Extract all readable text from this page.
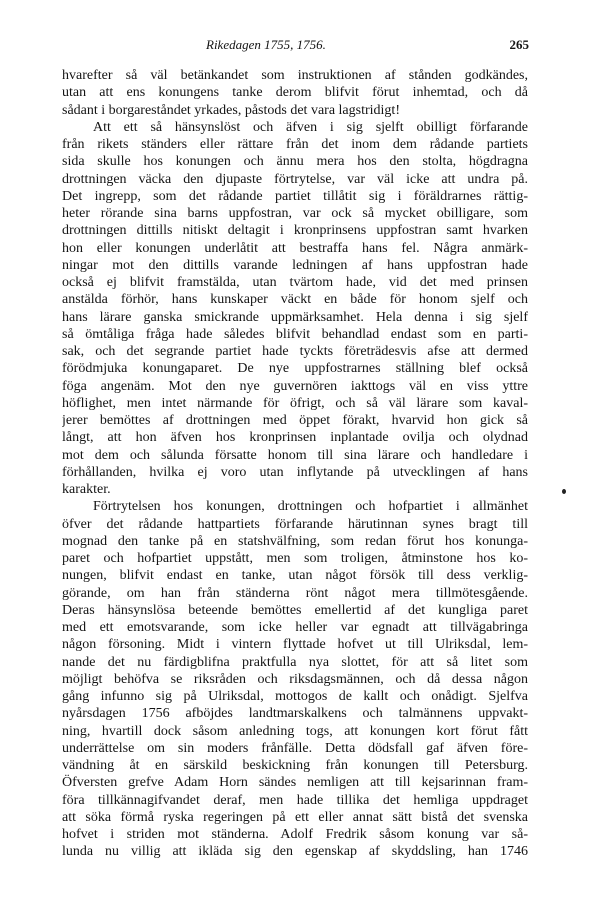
Rikedagen 1755, 1756.	265
hvarefter så väl betänkandet som instruktionen af stånden godkändes,
utan att ens konungens tanke derom blifvit förut inhemtad, och då
sådant i borgareståndet yrkades, påstods det vara lagstridigt!
Att ett så hänsynslöst och äfven i sig sjelft obilligt förfarande
från rikets ständers eller rättare från det inom dem rådande partiets
sida skulle hos konungen och ännu mera hos den stolta, högdragna
drottningen väcka den djupaste förtrytelse, var väl icke att undra på.
Det ingrepp, som det rådande partiet tillåtit sig i föräldrarnes rättig-
heter rörande sina barns uppfostran, var ock så mycket obilligare, som
drottningen dittills nitiskt deltagit i kronprinsens uppfostran samt hvarken
hon eller konungen underlåtit att bestraffa hans fel. Några anmärk-
ningar mot den dittills varande ledningen af hans uppfostran hade
också ej blifvit framstälda, utan tvärtom hade, vid det med prinsen
anstälda förhör, hans kunskaper väckt en både för honom sjelf och
hans lärare ganska smickrande uppmärksamhet. Hela denna i sig sjelf
så ömtåliga fråga hade således blifvit behandlad endast som en parti-
sak, och det segrande partiet hade tyckts företrädesvis afse att dermed
förödmjuka konungaparet. De nye uppfostrarnes ställning blef också
föga angenäm. Mot den nye guvernören iakttogs väl en viss yttre
höflighet, men intet närmande för öfrigt, och så väl lärare som kaval-
jerer bemöttes af drottningen med öppet förakt, hvarvid hon gick så
långt, att hon äfven hos kronprinsen inplantade ovilja och olydnad
mot dem och sålunda försatte honom till sina lärare och handledare i
förhållanden, hvilka ej voro utan inflytande på utvecklingen af hans
karakter.
Förtrytelsen hos konungen, drottningen och hofpartiet i allmänhet
öfver det rådande hattpartiets förfarande härutinnan synes bragt till
mognad den tanke på en statshvälfning, som redan förut hos konunga-
paret och hofpartiet uppstått, men som troligen, åtminstone hos ko-
nungen, blifvit endast en tanke, utan något försök till dess verklig-
görande, om han från ständerna rönt något mera tillmötesgående.
Deras hänsynslösa beteende bemöttes emellertid af det kungliga paret
med ett emotsvarande, som icke heller var egnadt att tillvägabringa
någon försoning. Midt i vintern flyttade hofvet ut till Ulriksdal, lem-
nande det nu färdigblifna praktfulla nya slottet, för att så litet som
möjligt behöfva se riksråden och riksdagsmännen, och då dessa någon
gång infunno sig på Ulriksdal, mottogos de kallt och onådigt. Sjelfva
nyårsdagen 1756 afböjdes landtmarskalkens och talmännens uppvakt-
ning, hvartill dock såsom anledning togs, att konungen kort förut fått
underrättelse om sin moders frånfälle. Detta dödsfall gaf äfven före-
vändning åt en särskild beskickning från konungen till Petersburg.
Öfversten grefve Adam Horn sändes nemligen att till kejsarinnan fram-
föra tillkännagifvandet deraf, men hade tillika det hemliga uppdraget
att söka förmå ryska regeringen på ett eller annat sätt bistå det svenska
hofvet i striden mot ständerna. Adolf Fredrik såsom konung var så-
lunda nu villig att ikläda sig den egenskap af skyddsling, han 1746
